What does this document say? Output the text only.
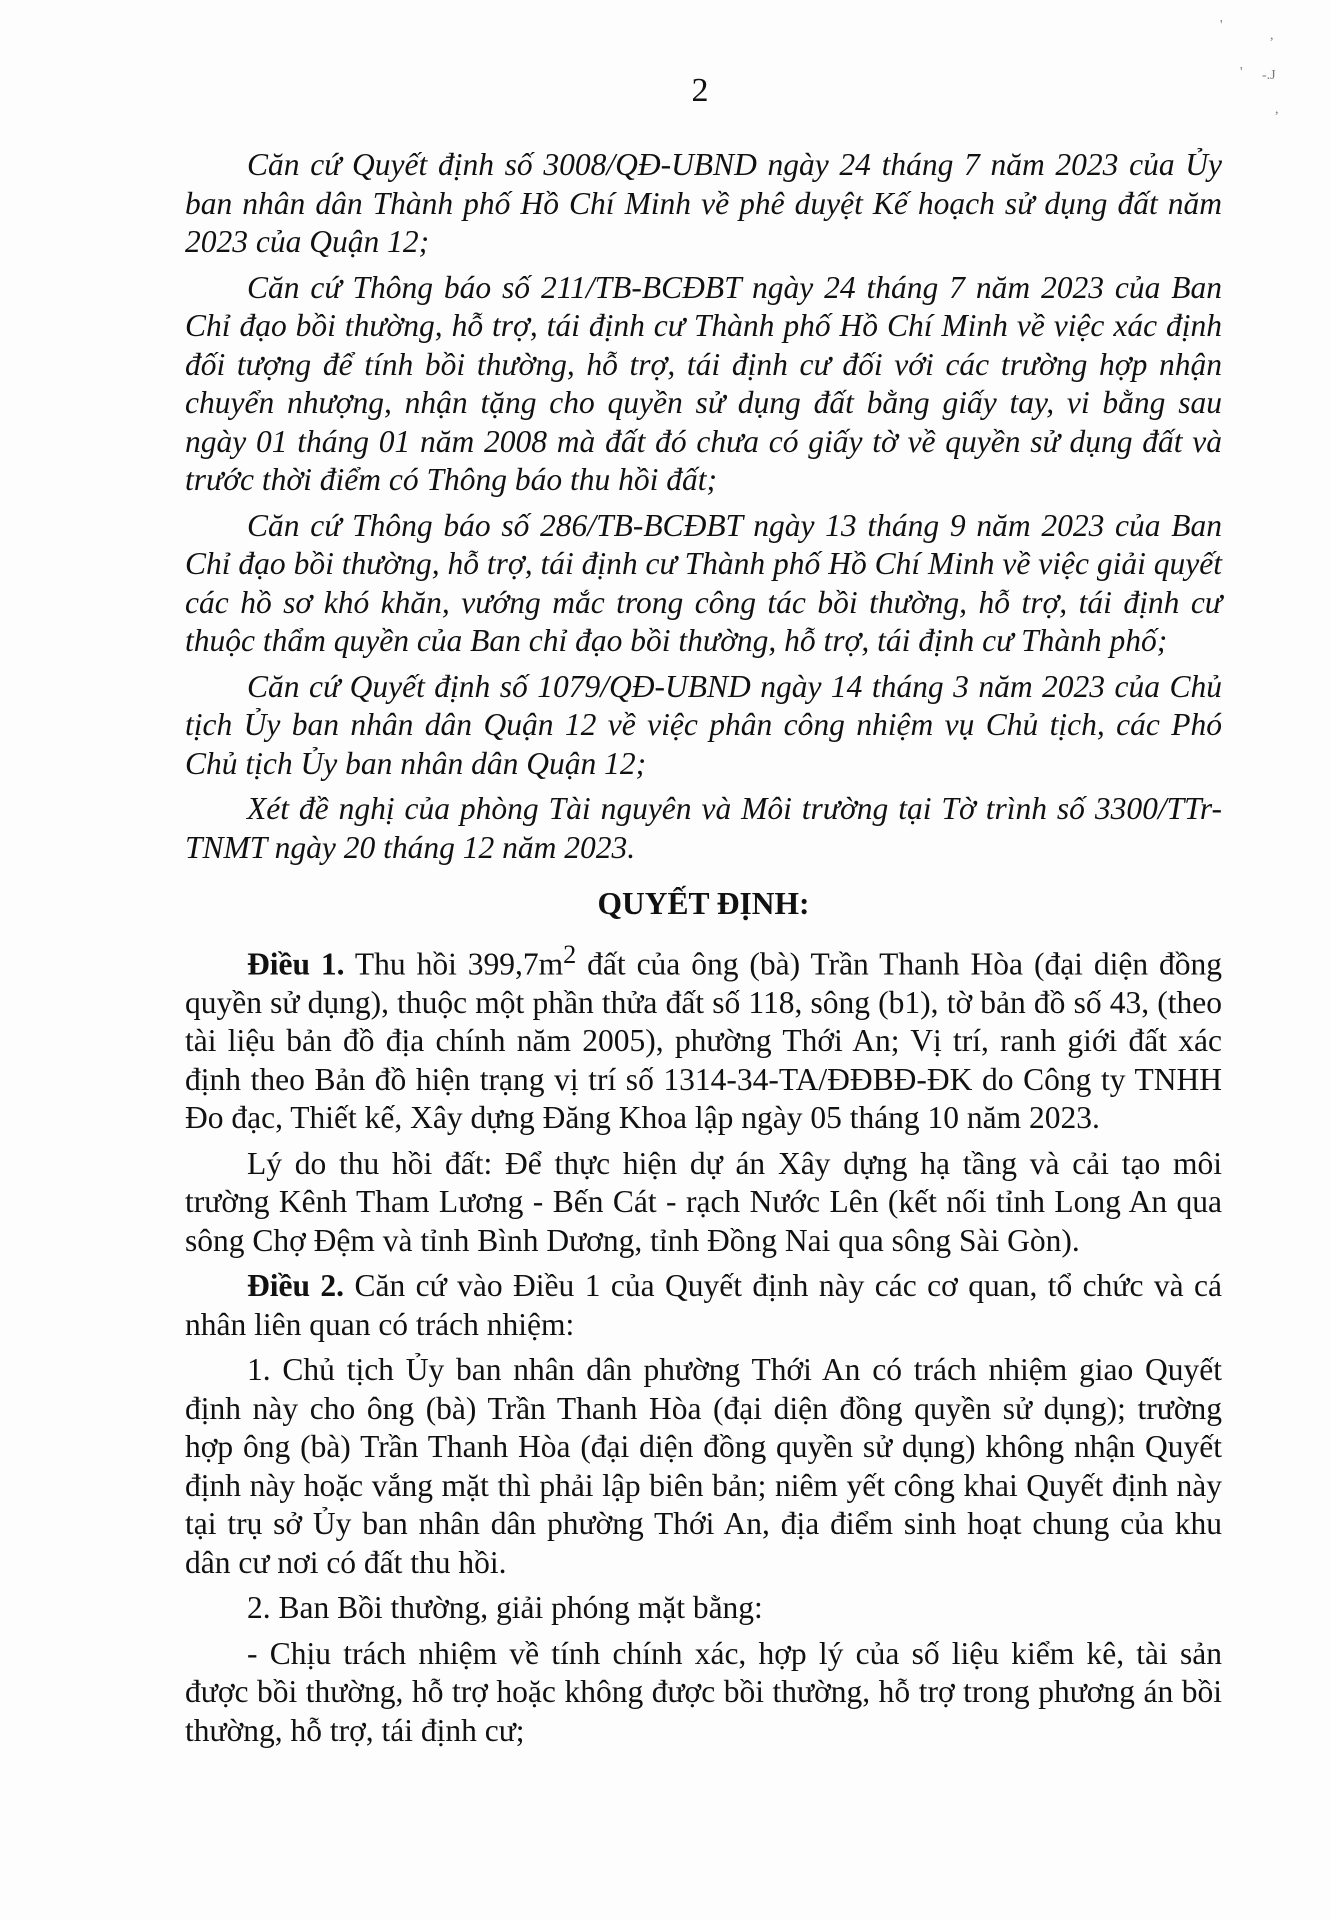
'
,
' -.J
,
2

Căn cứ Quyết định số 3008/QĐ-UBND ngày 24 tháng 7 năm 2023 của Ủy ban nhân dân Thành phố Hồ Chí Minh về phê duyệt Kế hoạch sử dụng đất năm 2023 của Quận 12;

Căn cứ Thông báo số 211/TB-BCĐBT ngày 24 tháng 7 năm 2023 của Ban Chỉ đạo bồi thường, hỗ trợ, tái định cư Thành phố Hồ Chí Minh về việc xác định đối tượng để tính bồi thường, hỗ trợ, tái định cư đối với các trường hợp nhận chuyển nhượng, nhận tặng cho quyền sử dụng đất bằng giấy tay, vi bằng sau ngày 01 tháng 01 năm 2008 mà đất đó chưa có giấy tờ về quyền sử dụng đất và trước thời điểm có Thông báo thu hồi đất;

Căn cứ Thông báo số 286/TB-BCĐBT ngày 13 tháng 9 năm 2023 của Ban Chỉ đạo bồi thường, hỗ trợ, tái định cư Thành phố Hồ Chí Minh về việc giải quyết các hồ sơ khó khăn, vướng mắc trong công tác bồi thường, hỗ trợ, tái định cư thuộc thẩm quyền của Ban chỉ đạo bồi thường, hỗ trợ, tái định cư Thành phố;

Căn cứ Quyết định số 1079/QĐ-UBND ngày 14 tháng 3 năm 2023 của Chủ tịch Ủy ban nhân dân Quận 12 về việc phân công nhiệm vụ Chủ tịch, các Phó Chủ tịch Ủy ban nhân dân Quận 12;

Xét đề nghị của phòng Tài nguyên và Môi trường tại Tờ trình số 3300/TTr-TNMT ngày 20 tháng 12 năm 2023.

QUYẾT ĐỊNH:

Điều 1. Thu hồi $399,7m^2$ đất của ông (bà) Trần Thanh Hòa (đại diện đồng quyền sử dụng), thuộc một phần thửa đất số 118, sông (b1), tờ bản đồ số 43, (theo tài liệu bản đồ địa chính năm 2005), phường Thới An; Vị trí, ranh giới đất xác định theo Bản đồ hiện trạng vị trí số 1314-34-TA/ĐĐBĐ-ĐK do Công ty TNHH Đo đạc, Thiết kế, Xây dựng Đăng Khoa lập ngày 05 tháng 10 năm 2023.

Lý do thu hồi đất: Để thực hiện dự án Xây dựng hạ tầng và cải tạo môi trường Kênh Tham Lương - Bến Cát - rạch Nước Lên (kết nối tỉnh Long An qua sông Chợ Đệm và tỉnh Bình Dương, tỉnh Đồng Nai qua sông Sài Gòn).

Điều 2. Căn cứ vào Điều 1 của Quyết định này các cơ quan, tổ chức và cá nhân liên quan có trách nhiệm:

1. Chủ tịch Ủy ban nhân dân phường Thới An có trách nhiệm giao Quyết định này cho ông (bà) Trần Thanh Hòa (đại diện đồng quyền sử dụng); trường hợp ông (bà) Trần Thanh Hòa (đại diện đồng quyền sử dụng) không nhận Quyết định này hoặc vắng mặt thì phải lập biên bản; niêm yết công khai Quyết định này tại trụ sở Ủy ban nhân dân phường Thới An, địa điểm sinh hoạt chung của khu dân cư nơi có đất thu hồi.

2. Ban Bồi thường, giải phóng mặt bằng:

- Chịu trách nhiệm về tính chính xác, hợp lý của số liệu kiểm kê, tài sản được bồi thường, hỗ trợ hoặc không được bồi thường, hỗ trợ trong phương án bồi thường, hỗ trợ, tái định cư;
